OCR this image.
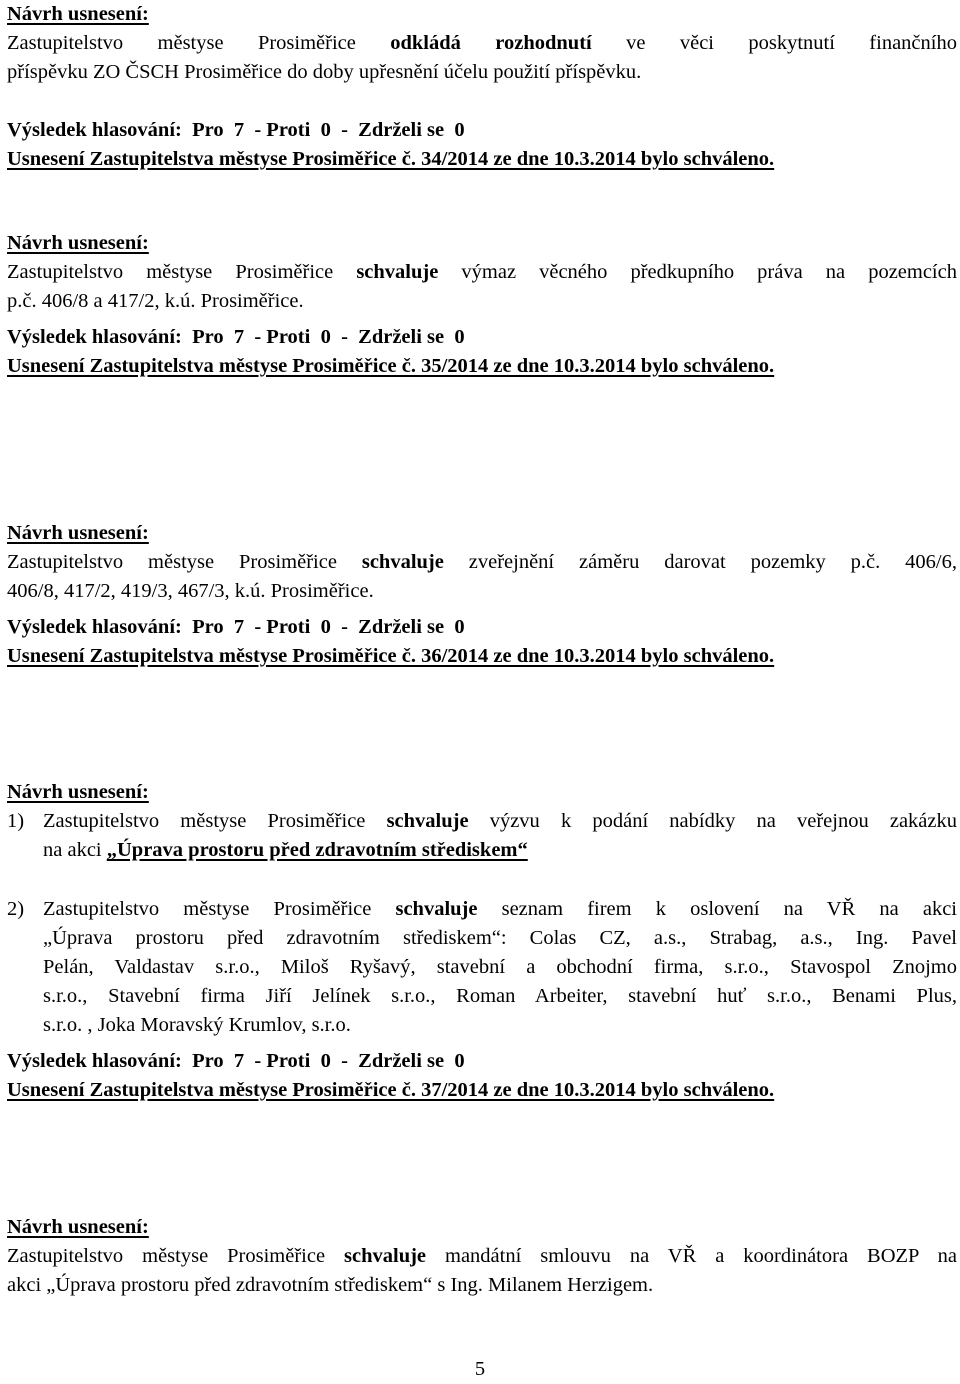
Návrh usnesení:
Zastupitelstvo městyse Prosiměřice odkládá rozhodnutí ve věci poskytnutí finančního
příspěvku ZO ČSCH Prosiměřice do doby upřesnění účelu použití příspěvku.
Výsledek hlasování:  Pro  7  - Proti  0  -  Zdrželi se  0
Usnesení Zastupitelstva městyse Prosiměřice č. 34/2014 ze dne 10.3.2014 bylo schváleno.
Návrh usnesení:
Zastupitelstvo městyse Prosiměřice schvaluje výmaz věcného předkupního práva na pozemcích
p.č. 406/8 a 417/2, k.ú. Prosiměřice.
Výsledek hlasování:  Pro  7  - Proti  0  -  Zdrželi se  0
Usnesení Zastupitelstva městyse Prosiměřice č. 35/2014 ze dne 10.3.2014 bylo schváleno.
Návrh usnesení:
Zastupitelstvo městyse Prosiměřice schvaluje zveřejnění záměru darovat pozemky p.č. 406/6,
406/8, 417/2, 419/3, 467/3, k.ú. Prosiměřice.
Výsledek hlasování:  Pro  7  - Proti  0  -  Zdrželi se  0
Usnesení Zastupitelstva městyse Prosiměřice č. 36/2014 ze dne 10.3.2014 bylo schváleno.
Návrh usnesení:
1) Zastupitelstvo městyse Prosiměřice schvaluje výzvu k podání nabídky na veřejnou zakázku
na akci „Úprava prostoru před zdravotním střediskem“
2) Zastupitelstvo městyse Prosiměřice schvaluje seznam firem k oslovení na VŘ na akci
„Úprava prostoru před zdravotním střediskem“: Colas CZ, a.s., Strabag, a.s., Ing. Pavel
Pelán, Valdastav s.r.o., Miloš Ryšavý, stavební a obchodní firma, s.r.o., Stavospol Znojmo
s.r.o., Stavební firma Jiří Jelínek s.r.o., Roman Arbeiter, stavební huť s.r.o., Benami Plus,
s.r.o. , Joka Moravský Krumlov, s.r.o.
Výsledek hlasování:  Pro  7  - Proti  0  -  Zdrželi se  0
Usnesení Zastupitelstva městyse Prosiměřice č. 37/2014 ze dne 10.3.2014 bylo schváleno.
Návrh usnesení:
Zastupitelstvo městyse Prosiměřice schvaluje mandátní smlouvu na VŘ a koordinátora BOZP na
akci „Úprava prostoru před zdravotním střediskem“ s Ing. Milanem Herzigem.
5
